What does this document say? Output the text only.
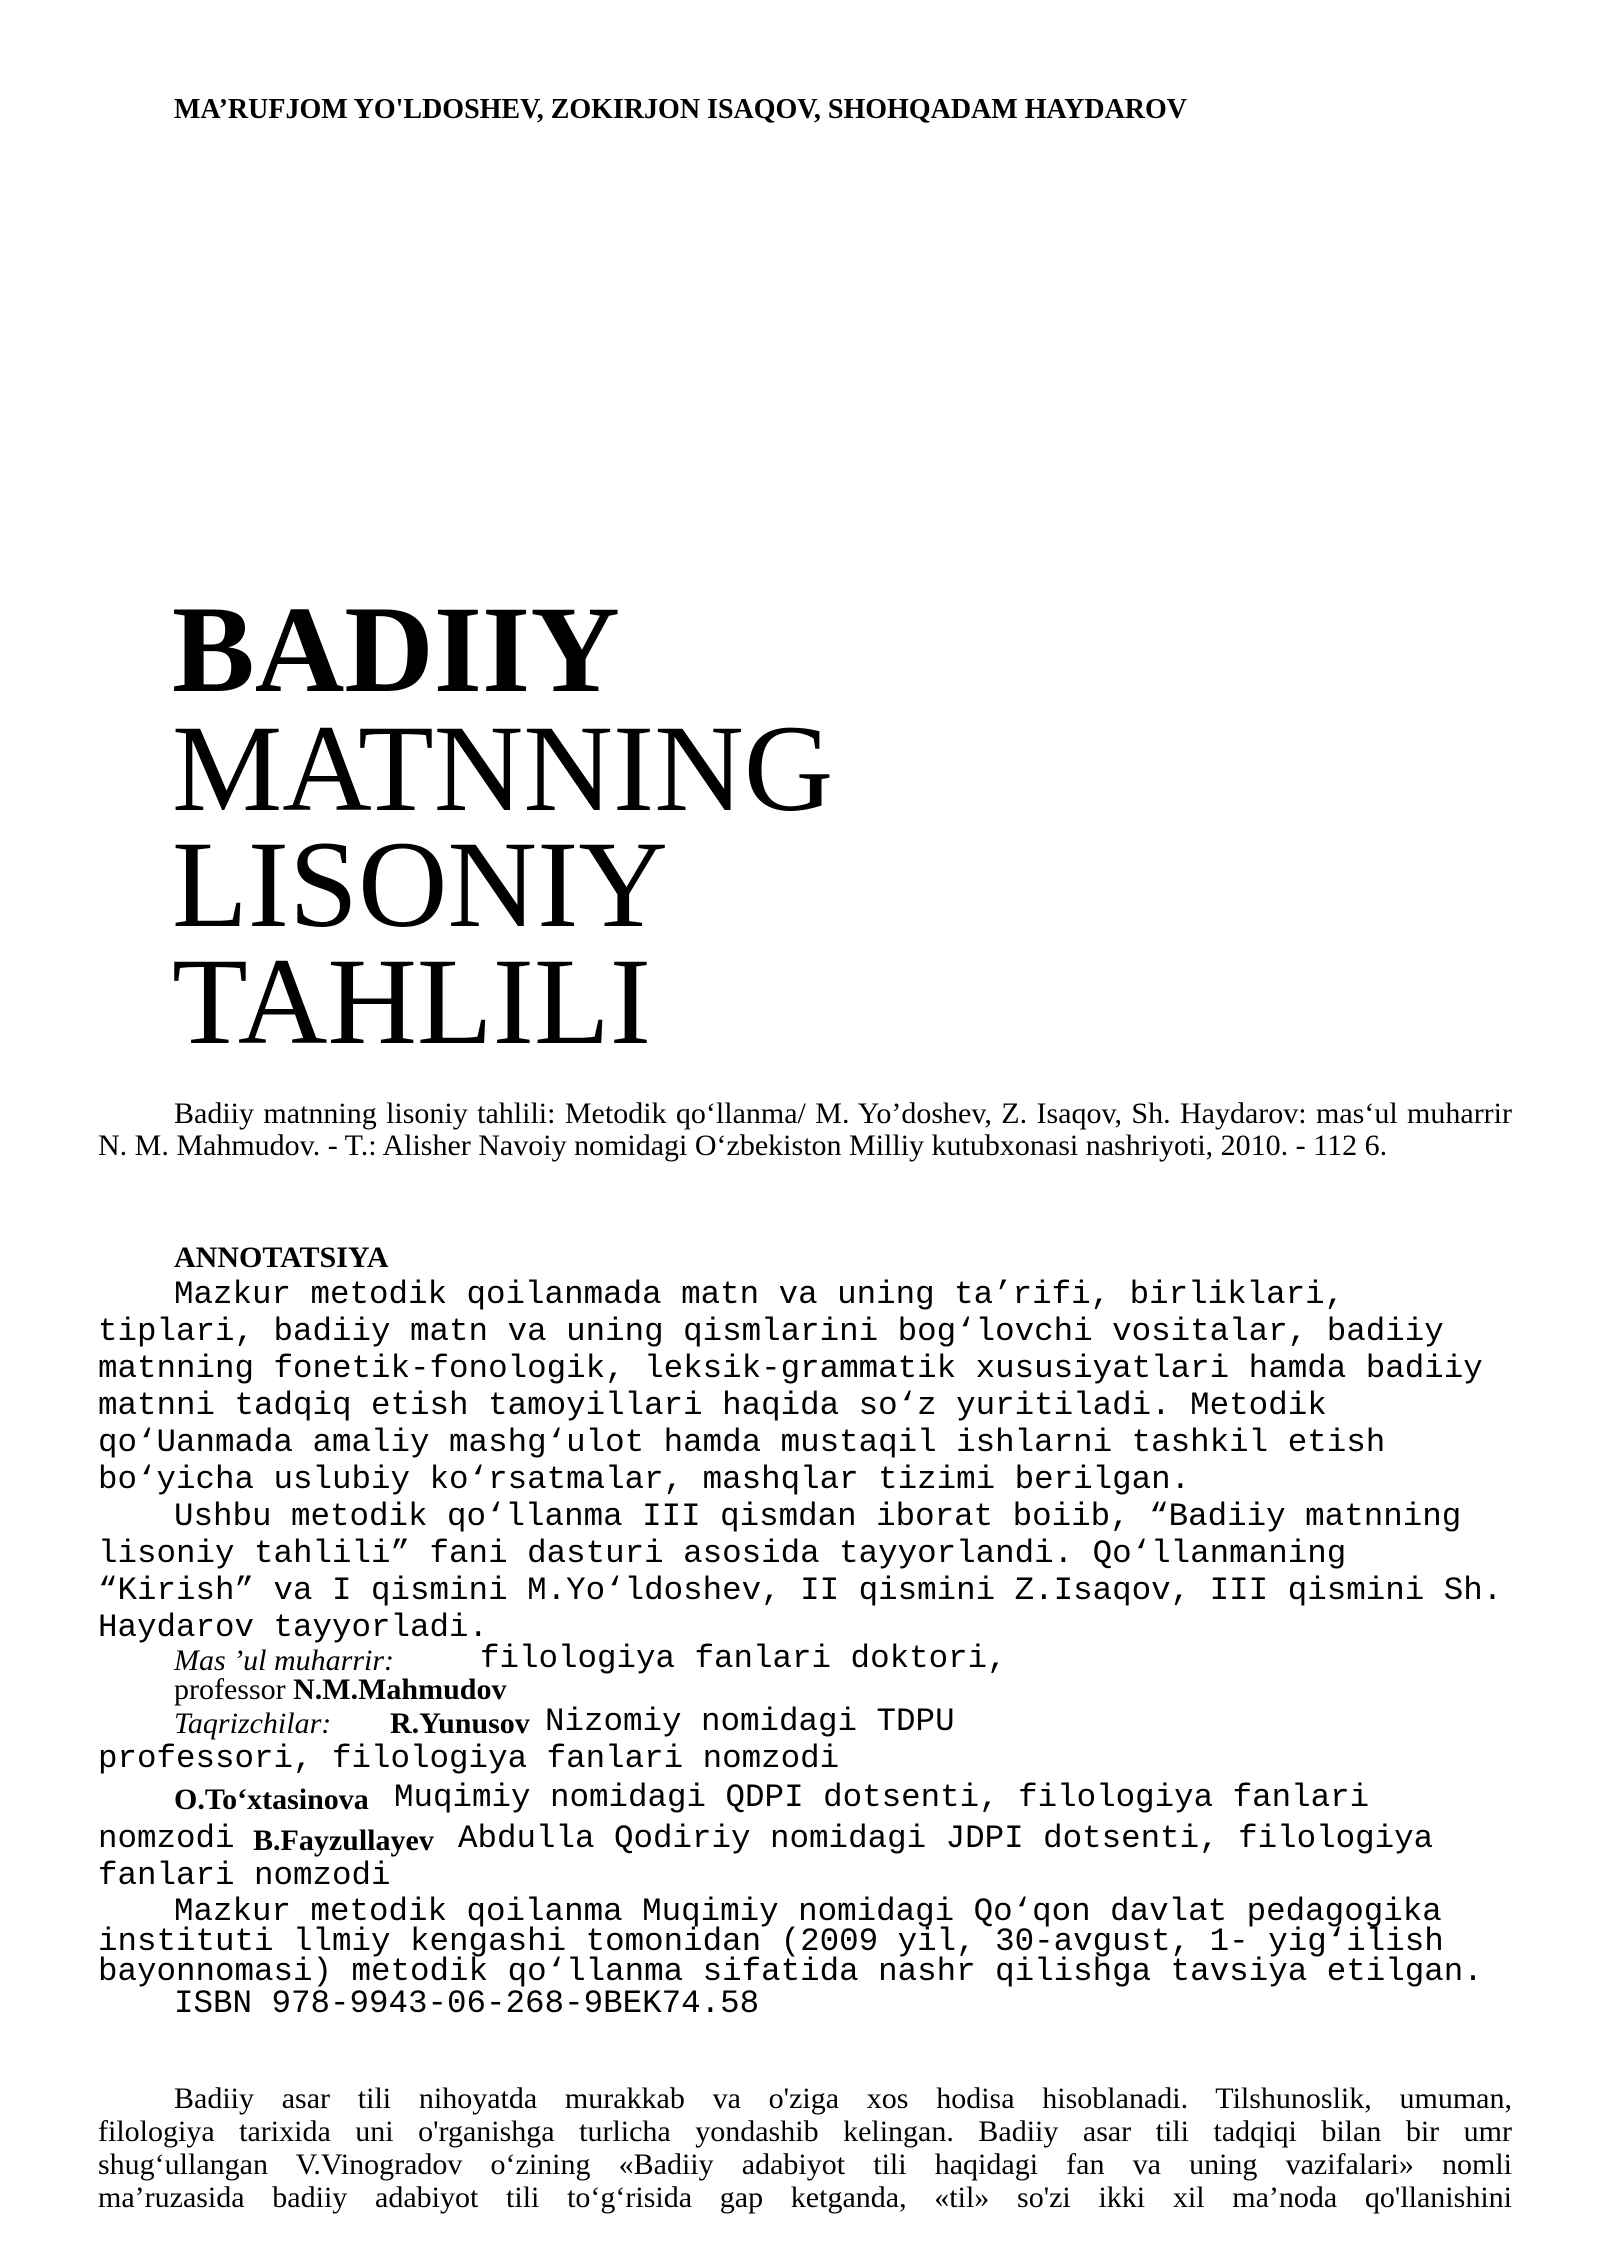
MA’RUFJOM YO'LDOSHEV, ZOKIRJON ISAQOV, SHOHQADAM HAYDAROV
BADIIY
MATNNING
LISONIY
TAHLILI
Badiiy matnning lisoniy tahlili: Metodik qo‘llanma/ M. Yo’doshev, Z. Isaqov, Sh. Haydarov: mas‘ul muharrir N. M. Mahmudov. - T.: Alisher Navoiy nomidagi O‘zbekiston Milliy kutubxonasi nashriyoti, 2010. - 112 6.
ANNOTATSIYA
Mazkur metodik qoilanmada matn va uning ta’rifi, birliklari,
tiplari, badiiy matn va uning qismlarini bog‘lovchi vositalar, badiiy
matnning fonetik-fonologik, leksik-grammatik xususiyatlari hamda badiiy
matnni tadqiq etish tamoyillari haqida so‘z yuritiladi. Metodik
qo‘Uanmada amaliy mashg‘ulot hamda mustaqil ishlarni tashkil etish
bo‘yicha uslubiy ko‘rsatmalar, mashqlar tizimi berilgan.
Ushbu metodik qo‘llanma III qismdan iborat boiib, “Badiiy matnning
lisoniy tahlili” fani dasturi asosida tayyorlandi. Qo‘llanmaning
“Kirish” va I qismini M.Yo‘ldoshev, II qismini Z.Isaqov, III qismini Sh.
Haydarov tayyorladi.
Mas ’ul muharrir:	filologiya fanlari doktori,
professor N.M.Mahmudov
Taqrizchilar: R.Yunusov Nizomiy nomidagi TDPU
professori, filologiya fanlari nomzodi
O.To‘xtasinova Muqimiy nomidagi QDPI dotsenti, filologiya fanlari
nomzodi B.Fayzullayev Abdulla Qodiriy nomidagi JDPI dotsenti, filologiya
fanlari nomzodi
Mazkur metodik qoilanma Muqimiy nomidagi Qo‘qon davlat pedagogika
instituti llmiy kengashi tomonidan (2009 yil, 30-avgust, 1- yig‘ilish
bayonnomasi) metodik qo‘llanma sifatida nashr qilishga tavsiya etilgan.
ISBN 978-9943-06-268-9BEK74.58
Badiiy asar tili nihoyatda murakkab va o'ziga xos hodisa hisoblanadi. Tilshunoslik, umuman,
filologiya tarixida uni o'rganishga turlicha yondashib kelingan. Badiiy asar tili tadqiqi bilan bir umr
shug‘ullangan V.Vinogradov o‘zining «Badiiy adabiyot tili haqidagi fan va uning vazifalari» nomli
ma’ruzasida badiiy adabiyot tili to‘g‘risida gap ketganda, «til» so'zi ikki xil ma’noda qo'llanishini
